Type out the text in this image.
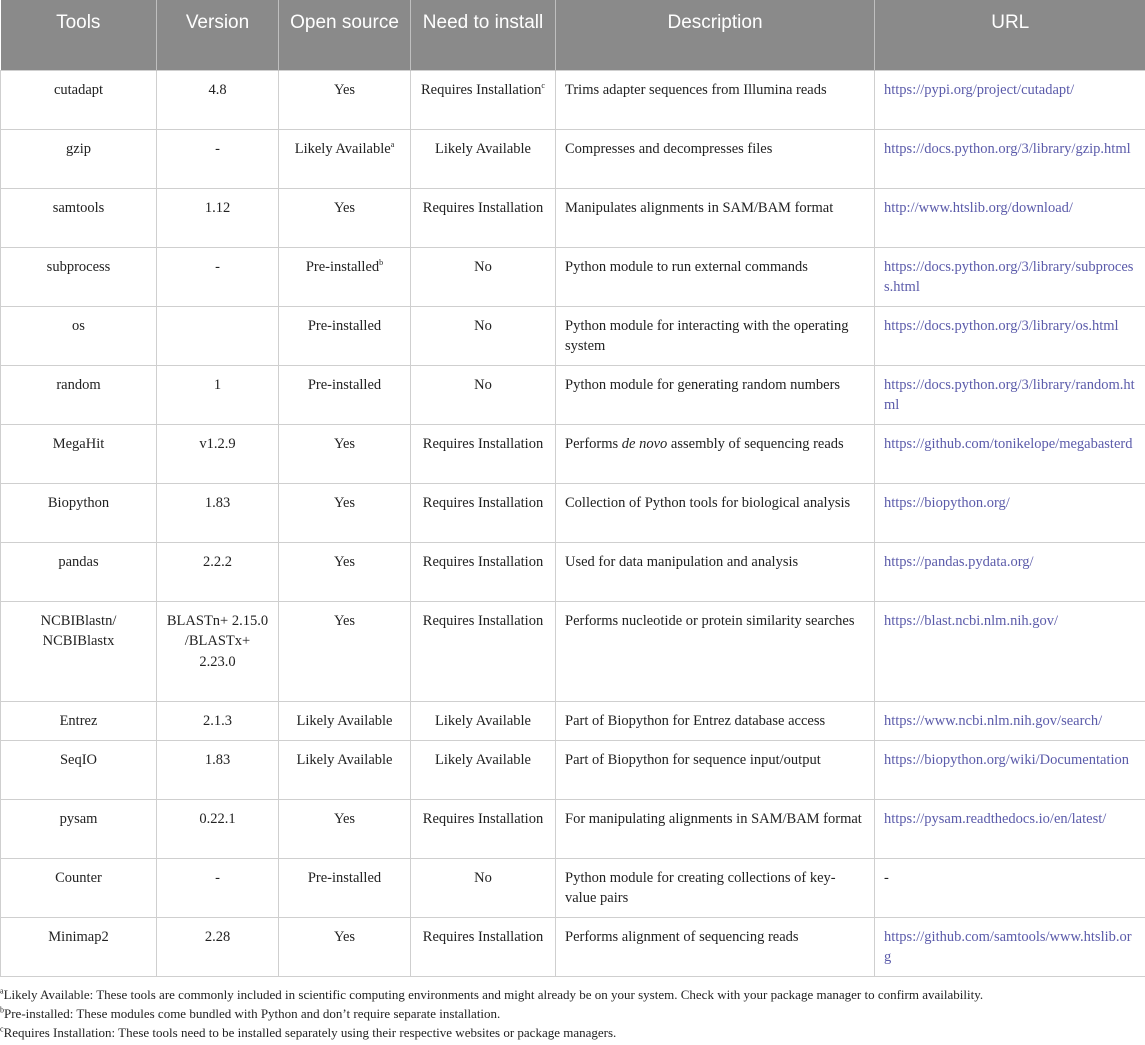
Tools	Version	Open source	Need to install	Description	URL
cutadapt	4.8	Yes	Requires Installation$^c$	Trims adapter sequences from Illumina reads	https://pypi.org/project/cutadapt/
gzip	-	Likely Available$^a$	Likely Available	Compresses and decompresses files	https://docs.python.org/3/library/gzip.html
samtools	1.12	Yes	Requires Installation	Manipulates alignments in SAM/BAM format	http://www.htslib.org/download/
subprocess	-	Pre-installed$^b$	No	Python module to run external commands	https://docs.python.org/3/library/subprocess.html
os		Pre-installed	No	Python module for interacting with the operating system	https://docs.python.org/3/library/os.html
random	1	Pre-installed	No	Python module for generating random numbers	https://docs.python.org/3/library/random.html
MegaHit	v1.2.9	Yes	Requires Installation	Performs de novo assembly of sequencing reads	https://github.com/tonikelope/megabasterd
Biopython	1.83	Yes	Requires Installation	Collection of Python tools for biological analysis	https://biopython.org/
pandas	2.2.2	Yes	Requires Installation	Used for data manipulation and analysis	https://pandas.pydata.org/
NCBIBlastn/ NCBIBlastx	BLASTn+ 2.15.0 /BLASTx+ 2.23.0	Yes	Requires Installation	Performs nucleotide or protein similarity searches	https://blast.ncbi.nlm.nih.gov/
Entrez	2.1.3	Likely Available	Likely Available	Part of Biopython for Entrez database access	https://www.ncbi.nlm.nih.gov/search/
SeqIO	1.83	Likely Available	Likely Available	Part of Biopython for sequence input/output	https://biopython.org/wiki/Documentation
pysam	0.22.1	Yes	Requires Installation	For manipulating alignments in SAM/BAM format	https://pysam.readthedocs.io/en/latest/
Counter	-	Pre-installed	No	Python module for creating collections of key-value pairs	-
Minimap2	2.28	Yes	Requires Installation	Performs alignment of sequencing reads	https://github.com/samtools/www.htslib.org

$^a$Likely Available: These tools are commonly included in scientific computing environments and might already be on your system. Check with your package manager to confirm availability.

$^b$Pre-installed: These modules come bundled with Python and don’t require separate installation.

$^c$Requires Installation: These tools need to be installed separately using their respective websites or package managers.
